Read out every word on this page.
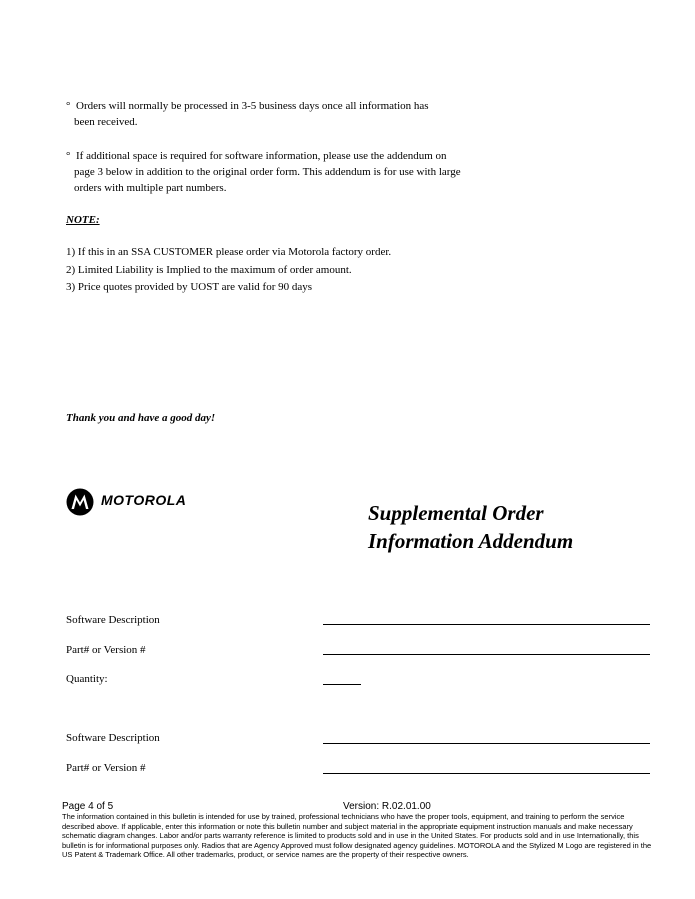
° Orders will normally be processed in 3-5 business days once all information has
been received.
° If additional space is required for software information, please use the addendum on
page 3 below in addition to the original order form. This addendum is for use with large
orders with multiple part numbers.
NOTE:
1) If this in an SSA CUSTOMER please order via Motorola factory order.
2) Limited Liability is Implied to the maximum of order amount.
3) Price quotes provided by UOST are valid for 90 days
Thank you and have a good day!
MOTOROLA
Supplemental Order
Information Addendum
Software Description
Part# or Version #
Quantity:
Software Description
Part# or Version #
Page 4 of 5	Version: R.02.01.00
The information contained in this bulletin is intended for use by trained, professional technicians who have the proper tools, equipment, and training to perform the service described above. If applicable, enter this information or note this bulletin number and subject material in the appropriate equipment instruction manuals and make necessary schematic diagram changes. Labor and/or parts warranty reference is limited to products sold and in use in the United States. For products sold and in use Internationally, this bulletin is for informational purposes only. Radios that are Agency Approved must follow designated agency guidelines. MOTOROLA and the Stylized M Logo are registered in the US Patent & Trademark Office. All other trademarks, product, or service names are the property of their respective owners.
